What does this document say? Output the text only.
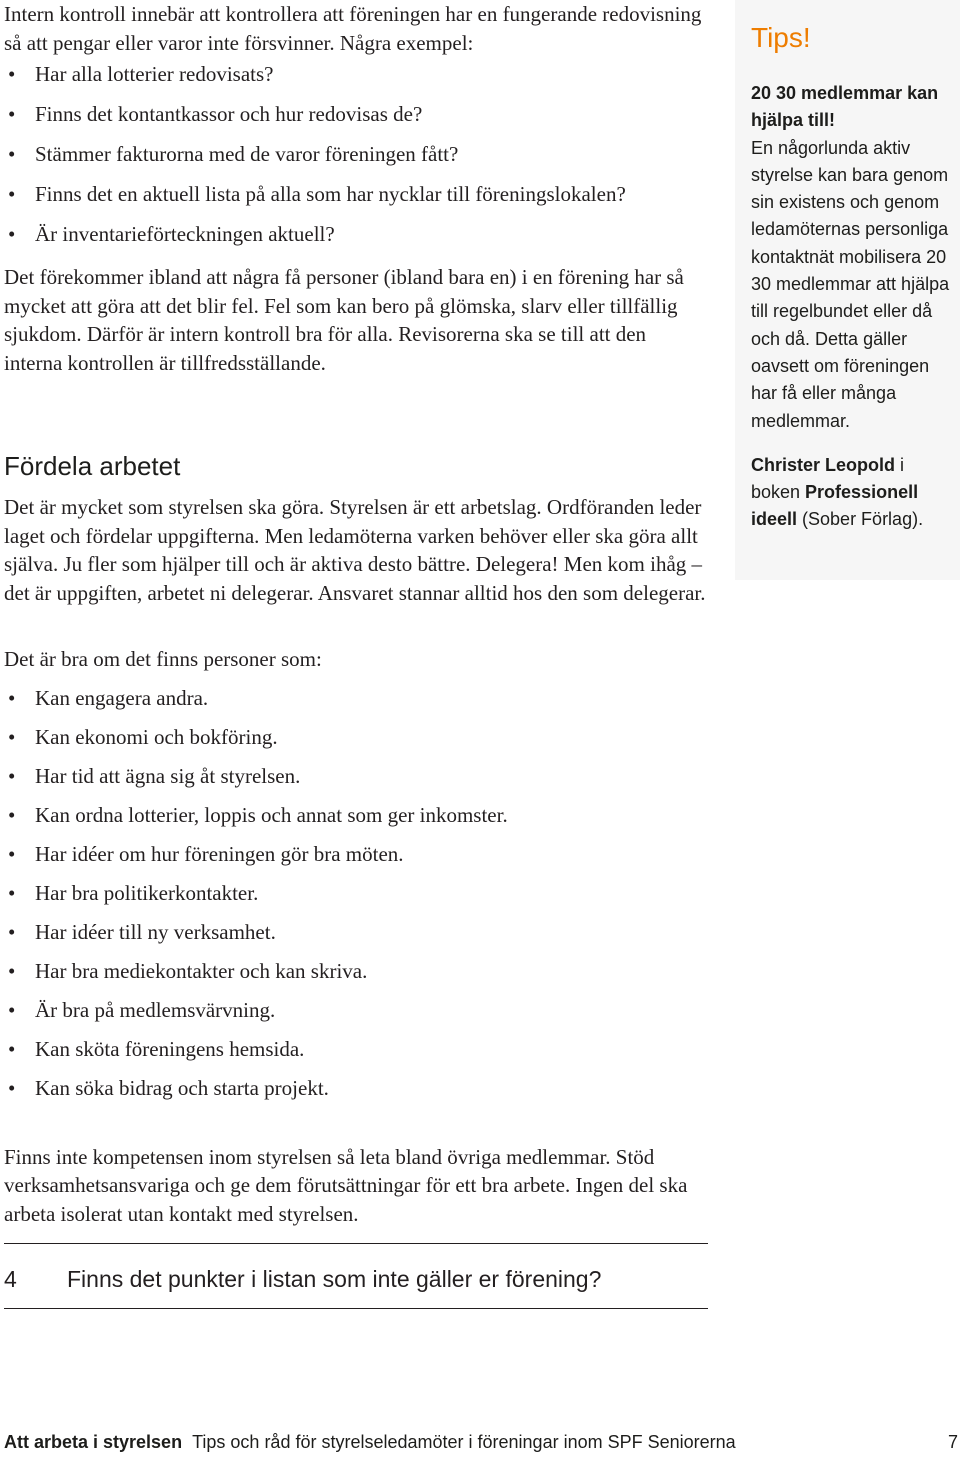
Intern kontroll innebär att kontrollera att föreningen har en fungerande redovisning så att pengar eller varor inte försvinner. Några exempel:

• Har alla lotterier redovisats?
• Finns det kontantkassor och hur redovisas de?
• Stämmer fakturorna med de varor föreningen fått?
• Finns det en aktuell lista på alla som har nycklar till föreningslokalen?
• Är inventarieförteckningen aktuell?

Det förekommer ibland att några få personer (ibland bara en) i en förening har så mycket att göra att det blir fel. Fel som kan bero på glömska, slarv eller tillfällig sjukdom. Därför är intern kontroll bra för alla. Revisorerna ska se till att den interna kontrollen är tillfredsställande.

Fördela arbetet

Det är mycket som styrelsen ska göra. Styrelsen är ett arbetslag. Ordföranden leder laget och fördelar uppgifterna. Men ledamöterna varken behöver eller ska göra allt själva. Ju fler som hjälper till och är aktiva desto bättre. Delegera! Men kom ihåg – det är uppgiften, arbetet ni delegerar. Ansvaret stannar alltid hos den som delegerar.

Det är bra om det finns personer som:

• Kan engagera andra.
• Kan ekonomi och bokföring.
• Har tid att ägna sig åt styrelsen.
• Kan ordna lotterier, loppis och annat som ger inkomster.
• Har idéer om hur föreningen gör bra möten.
• Har bra politikerkontakter.
• Har idéer till ny verksamhet.
• Har bra mediekontakter och kan skriva.
• Är bra på medlemsvärvning.
• Kan sköta föreningens hemsida.
• Kan söka bidrag och starta projekt.

Finns inte kompetensen inom styrelsen så leta bland övriga medlemmar. Stöd verksamhetsansvariga och ge dem förutsättningar för ett bra arbete. Ingen del ska arbeta isolerat utan kontakt med styrelsen.

4 Finns det punkter i listan som inte gäller er förening?
Tips!
20 30 medlemmar kan hjälpa till!
En någorlunda aktiv styrelse kan bara genom sin existens och genom ledamöternas personliga kontaktnät mobilisera 20 30 medlemmar att hjälpa till regelbundet eller då och då. Detta gäller oavsett om föreningen har få eller många medlemmar.
Christer Leopold i boken Professionell ideell (Sober Förlag).
Att arbeta i styrelsen Tips och råd för styrelseledamöter i föreningar inom SPF Seniorerna	7
